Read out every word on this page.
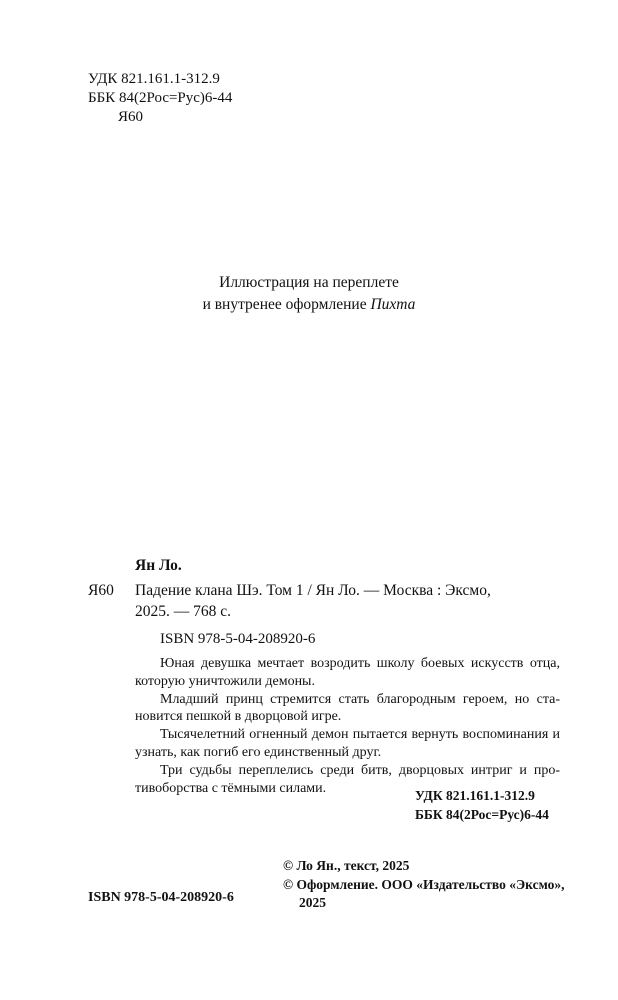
УДК 821.161.1-312.9
ББК 84(2Рос=Рус)6-44
Я60
Иллюстрация на переплете
и внутренее оформление Пихта
Ян Ло.
Я60 Падение клана Шэ. Том 1 / Ян Ло. — Москва : Эксмо,
2025. — 768 с.
ISBN 978-5-04-208920-6

Юная девушка мечтает возродить школу боевых искусств отца, которую уничтожили демоны.

Младший принц стремится стать благородным героем, но становится пешкой в дворцовой игре.

Тысячелетний огненный демон пытается вернуть воспоминания и узнать, как погиб его единственный друг.

Три судьбы переплелись среди битв, дворцовых интриг и противоборства с тёмными силами.	УДК 821.161.1-312.9
ББК 84(2Рос=Рус)6-44
© Ло Ян., текст, 2025
© Оформление. ООО «Издательство «Эксмо»,
2025
ISBN 978-5-04-208920-6
